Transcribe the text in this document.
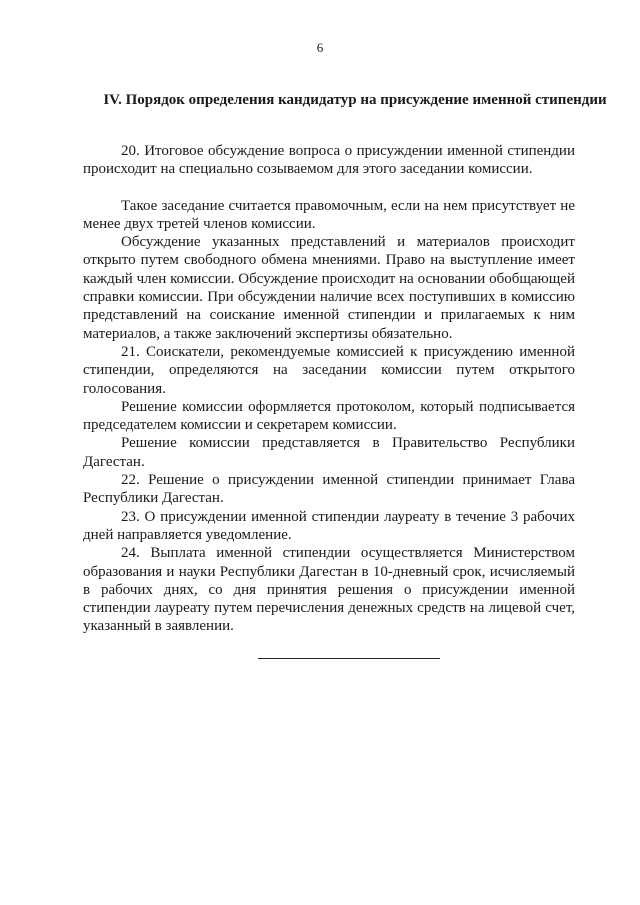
6
IV. Порядок определения кандидатур на присуждение именной стипендии

20. Итоговое обсуждение вопроса о присуждении именной стипендии происходит на специально созываемом для этого заседании комиссии.

Такое заседание считается правомочным, если на нем присутствует не менее двух третей членов комиссии.

Обсуждение указанных представлений и материалов происходит открыто путем свободного обмена мнениями. Право на выступление имеет каждый член комиссии. Обсуждение происходит на основании обобщающей справки комиссии. При обсуждении наличие всех поступивших в комиссию представлений на соискание именной стипендии и прилагаемых к ним материалов, а также заключений экспертизы обязательно.

21. Соискатели, рекомендуемые комиссией к присуждению именной стипендии, определяются на заседании комиссии путем открытого голосования.

Решение комиссии оформляется протоколом, который подписывается председателем комиссии и секретарем комиссии.

Решение комиссии представляется в Правительство Республики Дагестан.

22. Решение о присуждении именной стипендии принимает Глава Республики Дагестан.

23. О присуждении именной стипендии лауреату в течение 3 рабочих дней направляется уведомление.

24. Выплата именной стипендии осуществляется Министерством образования и науки Республики Дагестан в 10-дневный срок, исчисляемый в рабочих днях, со дня принятия решения о присуждении именной стипендии лауреату путем перечисления денежных средств на лицевой счет, указанный в заявлении.
